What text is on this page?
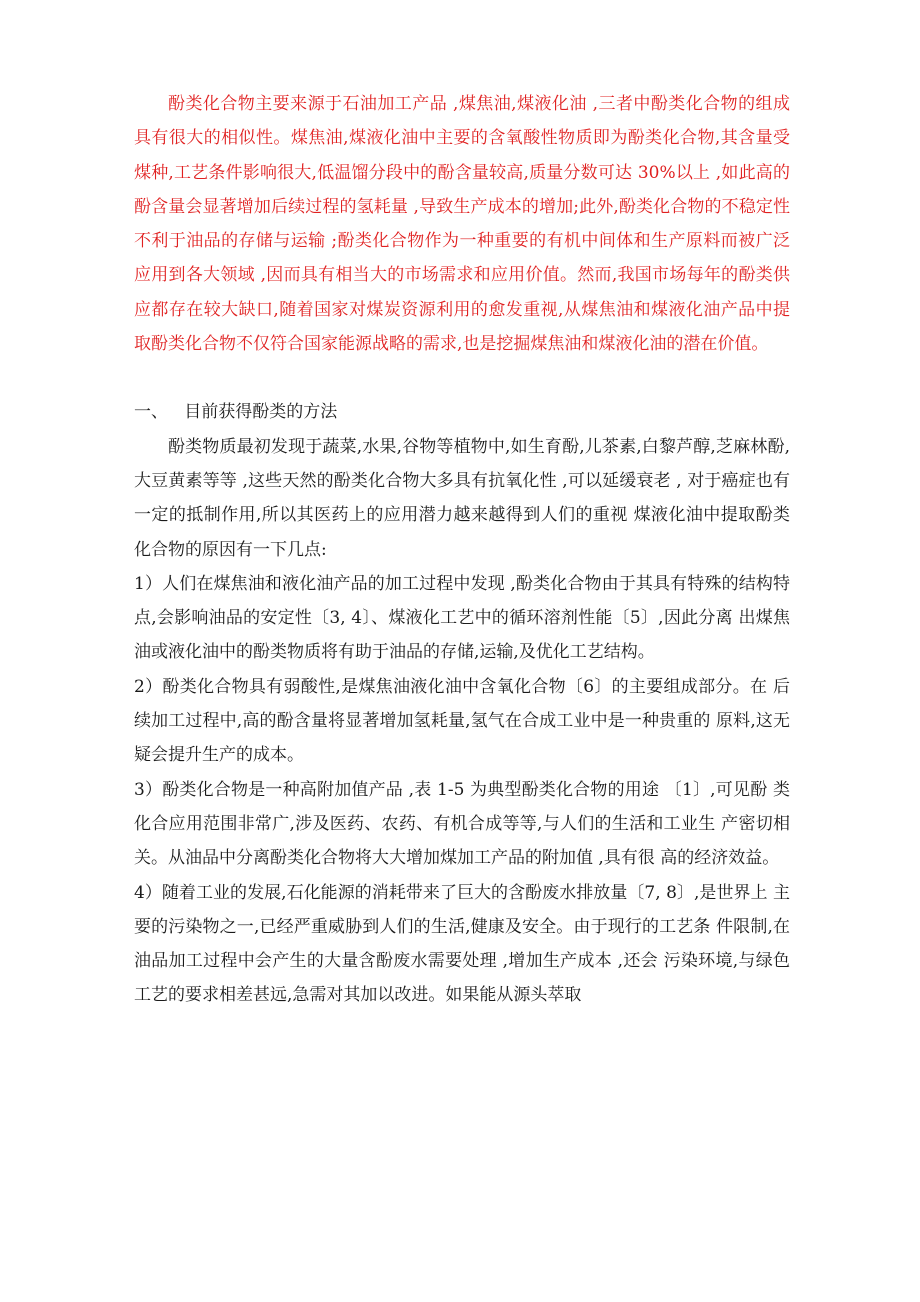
酚类化合物主要来源于石油加工产品 ,煤焦油,煤液化油 ,三者中酚类化合物的组成具有很大的相似性。煤焦油,煤液化油中主要的含氧酸性物质即为酚类化合物,其含量受煤种,工艺条件影响很大,低温馏分段中的酚含量较高,质量分数可达 30%以上 ,如此高的酚含量会显著增加后续过程的氢耗量 ,导致生产成本的增加;此外,酚类化合物的不稳定性不利于油品的存储与运输 ;酚类化合物作为一种重要的有机中间体和生产原料而被广泛应用到各大领域 ,因而具有相当大的市场需求和应用价值。然而,我国市场每年的酚类供应都存在较大缺口,随着国家对煤炭资源利用的愈发重视,从煤焦油和煤液化油产品中提取酚类化合物不仅符合国家能源战略的需求,也是挖掘煤焦油和煤液化油的潜在价值。

一、   目前获得酚类的方法

酚类物质最初发现于蔬菜,水果,谷物等植物中,如生育酚,儿茶素,白黎芦醇,芝麻林酚,大豆黄素等等 ,这些天然的酚类化合物大多具有抗氧化性 ,可以延缓衰老 , 对于癌症也有一定的抵制作用,所以其医药上的应用潜力越来越得到人们的重视 煤液化油中提取酚类化合物的原因有一下几点:

1）人们在煤焦油和液化油产品的加工过程中发现 ,酚类化合物由于其具有特殊的结构特点,会影响油品的安定性〔3, 4〕、煤液化工艺中的循环溶剂性能〔5〕,因此分离 出煤焦油或液化油中的酚类物质将有助于油品的存储,运输,及优化工艺结构。

2）酚类化合物具有弱酸性,是煤焦油液化油中含氧化合物〔6〕的主要组成部分。在 后续加工过程中,高的酚含量将显著增加氢耗量,氢气在合成工业中是一种贵重的 原料,这无疑会提升生产的成本。

3）酚类化合物是一种高附加值产品 ,表 1-5 为典型酚类化合物的用途 〔1〕,可见酚 类化合应用范围非常广,涉及医药、农药、有机合成等等,与人们的生活和工业生 产密切相关。从油品中分离酚类化合物将大大增加煤加工产品的附加值 ,具有很 高的经济效益。

4）随着工业的发展,石化能源的消耗带来了巨大的含酚废水排放量〔7, 8〕,是世界上 主要的污染物之一,已经严重威胁到人们的生活,健康及安全。由于现行的工艺条 件限制,在油品加工过程中会产生的大量含酚废水需要处理 ,增加生产成本 ,还会 污染环境,与绿色工艺的要求相差甚远,急需对其加以改进。如果能从源头萃取
